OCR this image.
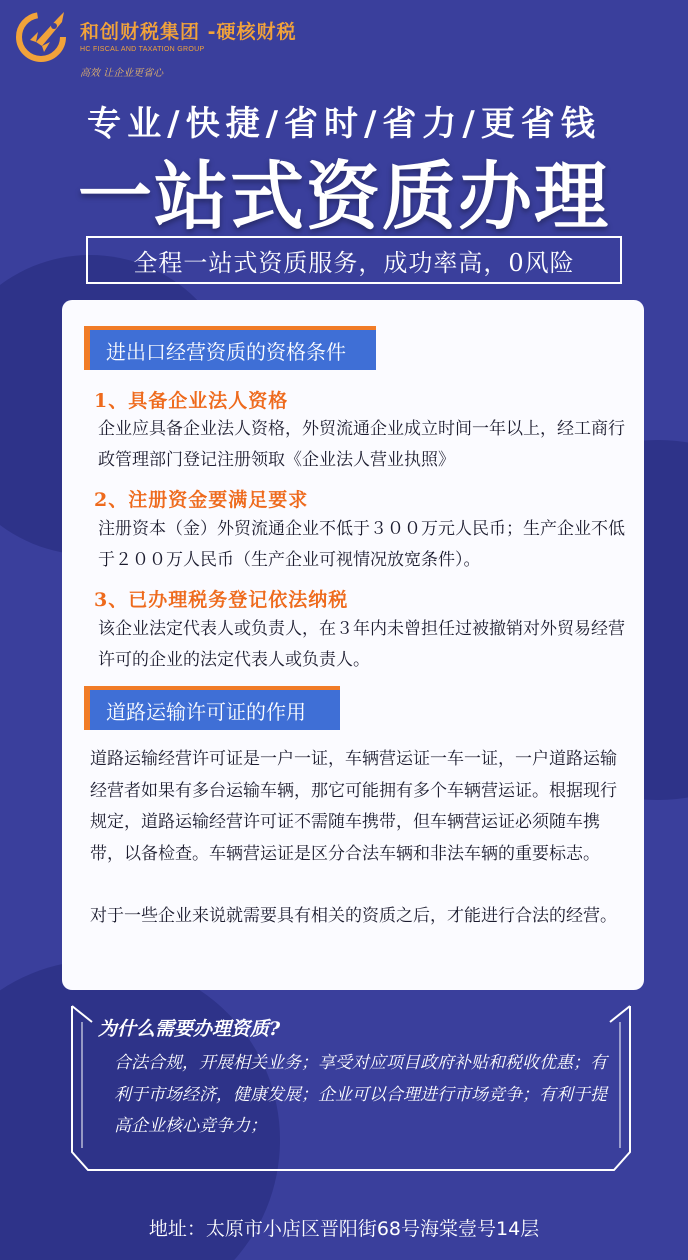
和创财税集团 -硬核财税
HC FISCAL AND TAXATION GROUP
高效 让企业更省心
专业/快捷/省时/省力/更省钱
一站式资质办理
全程一站式资质服务，成功率高，0风险
进出口经营资质的资格条件
1、具备企业法人资格
企业应具备企业法人资格，外贸流通企业成立时间一年以上，经工商行政管理部门登记注册领取《企业法人营业执照》
2、注册资金要满足要求
注册资本（金）外贸流通企业不低于３００万元人民币；生产企业不低于２００万人民币（生产企业可视情况放宽条件）。
3、已办理税务登记依法纳税
该企业法定代表人或负责人，在３年内未曾担任过被撤销对外贸易经营许可的企业的法定代表人或负责人。
道路运输许可证的作用
道路运输经营许可证是一户一证，车辆营运证一车一证，一户道路运输经营者如果有多台运输车辆，那它可能拥有多个车辆营运证。根据现行规定，道路运输经营许可证不需随车携带，但车辆营运证必须随车携带，以备检查。车辆营运证是区分合法车辆和非法车辆的重要标志。
对于一些企业来说就需要具有相关的资质之后，才能进行合法的经营。
为什么需要办理资质?
合法合规，开展相关业务；享受对应项目政府补贴和税收优惠；有利于市场经济，健康发展；企业可以合理进行市场竞争；有利于提高企业核心竞争力；
地址：太原市小店区晋阳街68号海棠壹号14层
